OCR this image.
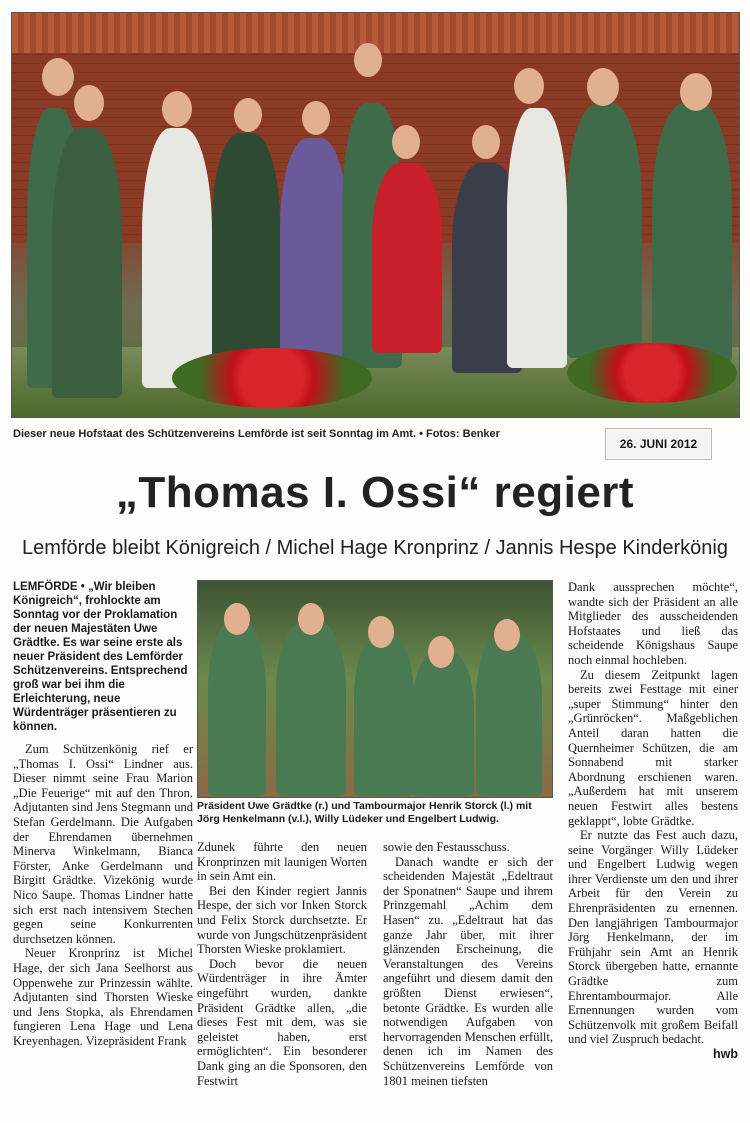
Dieser neue Hofstaat des Schützenvereins Lemförde ist seit Sonntag im Amt. • Fotos: Benker
26. JUNI 2012
„Thomas I. Ossi“ regiert
Lemförde bleibt Königreich / Michel Hage Kronprinz / Jannis Hespe Kinderkönig

LEMFÖRDE • „Wir bleiben Königreich“, frohlockte am Sonntag vor der Proklamation der neuen Majestäten Uwe Grädtke. Es war seine erste als neuer Präsident des Lemförder Schützenvereins. Entsprechend groß war bei ihm die Erleichterung, neue Würdenträger präsentieren zu können.

Zum Schützenkönig rief er „Thomas I. Ossi“ Lindner aus. Dieser nimmt seine Frau Marion „Die Feuerige“ mit auf den Thron. Adjutanten sind Jens Stegmann und Stefan Gerdelmann. Die Aufgaben der Ehrendamen übernehmen Minerva Winkelmann, Bianca Förster, Anke Gerdelmann und Birgitt Grädtke. Vizekönig wurde Nico Saupe. Thomas Lindner hatte sich erst nach intensivem Stechen gegen seine Konkurrenten durchsetzen können.

Neuer Kronprinz ist Michel Hage, der sich Jana Seelhorst aus Oppenwehe zur Prinzessin wählte. Adjutanten sind Thorsten Wieske und Jens Stopka, als Ehrendamen fungieren Lena Hage und Lena Kreyenhagen. Vizepräsident Frank

Präsident Uwe Grädtke (r.) und Tambourmajor Henrik Storck (l.) mit Jörg Henkelmann (v.l.), Willy Lüdeker und Engelbert Ludwig.

Zdunek führte den neuen Kronprinzen mit launigen Worten in sein Amt ein.

Bei den Kinder regiert Jannis Hespe, der sich vor Inken Storck und Felix Storck durchsetzte. Er wurde von Jungschützenpräsident Thorsten Wieske proklamiert.

Doch bevor die neuen Würdenträger in ihre Ämter eingeführt wurden, dankte Präsident Grädtke allen, „die dieses Fest mit dem, was sie geleistet haben, erst ermöglichten“. Ein besonderer Dank ging an die Sponsoren, den Festwirt

sowie den Festausschuss.

Danach wandte er sich der scheidenden Majestät „Edeltraut der Sponatnen“ Saupe und ihrem Prinzgemahl „Achim dem Hasen“ zu. „Edeltraut hat das ganze Jahr über, mit ihrer glänzenden Erscheinung, die Veranstaltungen des Vereins angeführt und diesem damit den größten Dienst erwiesen“, betonte Grädtke. Es wurden alle notwendigen Aufgaben von hervorragenden Menschen erfüllt, denen ich im Namen des Schützenvereins Lemförde von 1801 meinen tiefsten

Dank aussprechen möchte“, wandte sich der Präsident an alle Mitglieder des ausscheidenden Hofstaates und ließ das scheidende Königshaus Saupe noch einmal hochleben.

Zu diesem Zeitpunkt lagen bereits zwei Festtage mit einer „super Stimmung“ hinter den „Grünröcken“. Maßgeblichen Anteil daran hatten die Quernheimer Schützen, die am Sonnabend mit starker Abordnung erschienen waren. „Außerdem hat mit unserem neuen Festwirt alles bestens geklappt“, lobte Grädtke.

Er nutzte das Fest auch dazu, seine Vorgänger Willy Lüdeker und Engelbert Ludwig wegen ihrer Verdienste um den und ihrer Arbeit für den Verein zu Ehrenpräsidenten zu ernennen. Den langjährigen Tambourmajor Jörg Henkelmann, der im Frühjahr sein Amt an Henrik Storck übergeben hatte, ernannte Grädtke zum Ehrentambourmajor. Alle Ernennungen wurden vom Schützenvolk mit großem Beifall und viel Zuspruch bedacht.

hwb
